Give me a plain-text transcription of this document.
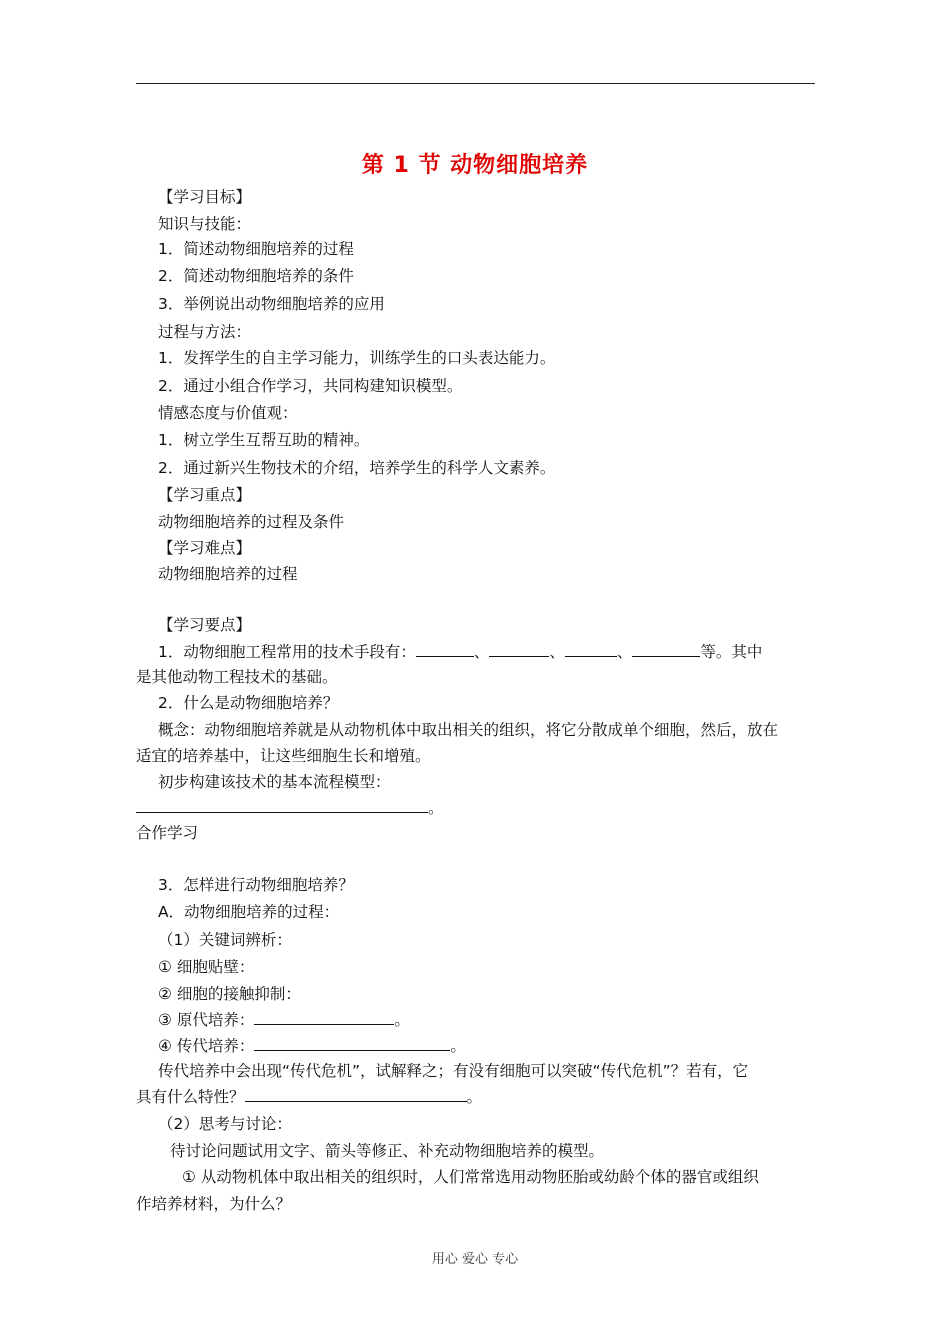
第 1 节 动物细胞培养
【学习目标】
知识与技能：
1．简述动物细胞培养的过程
2．简述动物细胞培养的条件
3．举例说出动物细胞培养的应用
过程与方法：
1．发挥学生的自主学习能力，训练学生的口头表达能力。
2．通过小组合作学习，共同构建知识模型。
情感态度与价值观：
1．树立学生互帮互助的精神。
2．通过新兴生物技术的介绍，培养学生的科学人文素养。
【学习重点】
动物细胞培养的过程及条件
【学习难点】
动物细胞培养的过程
【学习要点】
1．动物细胞工程常用的技术手段有：	、	、	、	等。其中
是其他动物工程技术的基础。
2．什么是动物细胞培养？
概念：动物细胞培养就是从动物机体中取出相关的组织，将它分散成单个细胞，然后，放在
适宜的培养基中，让这些细胞生长和增殖。
初步构建该技术的基本流程模型：
。
合作学习
3．怎样进行动物细胞培养？
A．动物细胞培养的过程：
（1）关键词辨析：
① 细胞贴壁：
② 细胞的接触抑制：
③ 原代培养：	。
④ 传代培养：	。
传代培养中会出现“传代危机”，试解释之；有没有细胞可以突破“传代危机”？若有，它
具有什么特性？	。
（2）思考与讨论：
待讨论问题试用文字、箭头等修正、补充动物细胞培养的模型。
① 从动物机体中取出相关的组织时，人们常常选用动物胚胎或幼龄个体的器官或组织
作培养材料，为什么？
用心 爱心 专心
